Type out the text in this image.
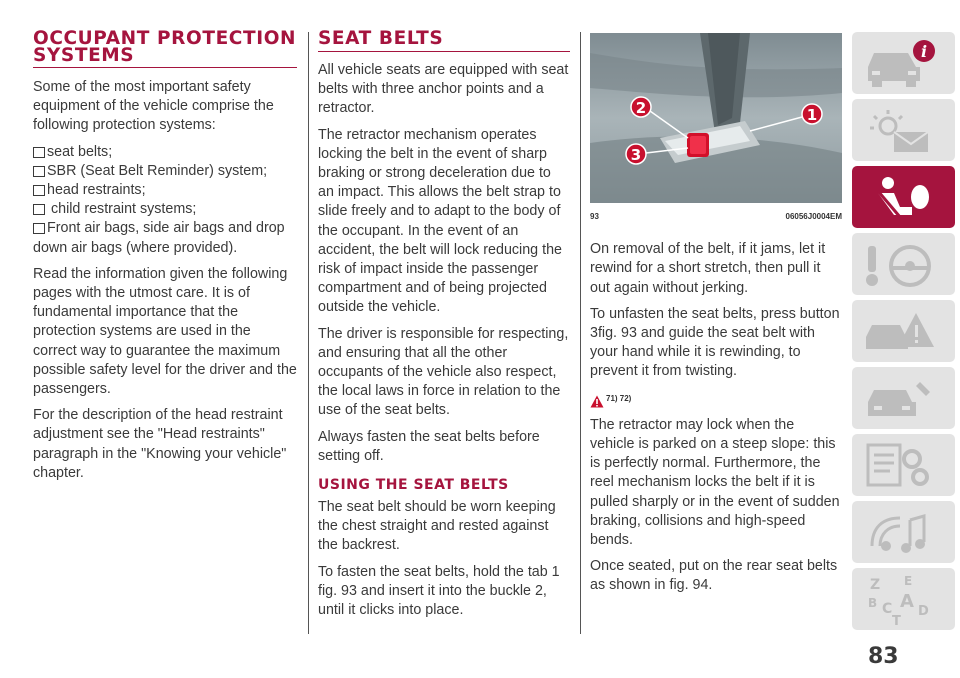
OCCUPANT PROTECTION SYSTEMS

Some of the most important safety equipment of the vehicle comprise the following protection systems:

seat belts;
SBR (Seat Belt Reminder) system;
head restraints;
child restraint systems;
Front air bags, side air bags and drop down air bags (where provided).

Read the information given the following pages with the utmost care. It is of fundamental importance that the protection systems are used in the correct way to guarantee the maximum possible safety level for the driver and the passengers.

For the description of the head restraint adjustment see the "Head restraints" paragraph in the "Knowing your vehicle" chapter.

SEAT BELTS

All vehicle seats are equipped with seat belts with three anchor points and a retractor.

The retractor mechanism operates locking the belt in the event of sharp braking or strong deceleration due to an impact. This allows the belt strap to slide freely and to adapt to the body of the occupant. In the event of an accident, the belt will lock reducing the risk of impact inside the passenger compartment and of being projected outside the vehicle.

The driver is responsible for respecting, and ensuring that all the other occupants of the vehicle also respect, the local laws in force in relation to the use of the seat belts.

Always fasten the seat belts before setting off.

USING THE SEAT BELTS

The seat belt should be worn keeping the chest straight and rested against the backrest.

To fasten the seat belts, hold the tab 1 fig. 93 and insert it into the buckle 2, until it clicks into place.

2
3
1
93	06056J0004EM

On removal of the belt, if it jams, let it rewind for a short stretch, then pull it out again without jerking.

To unfasten the seat belts, press button 3fig. 93 and guide the seat belt with your hand while it is rewinding, to prevent it from twisting.

71) 72)

The retractor may lock when the vehicle is parked on a steep slope: this is perfectly normal. Furthermore, the reel mechanism locks the belt if it is pulled sharply or in the event of sudden braking, collisions and high-speed bends.

Once seated, put on the rear seat belts as shown in fig. 94.

i
Z E
B A
C D
T
83
